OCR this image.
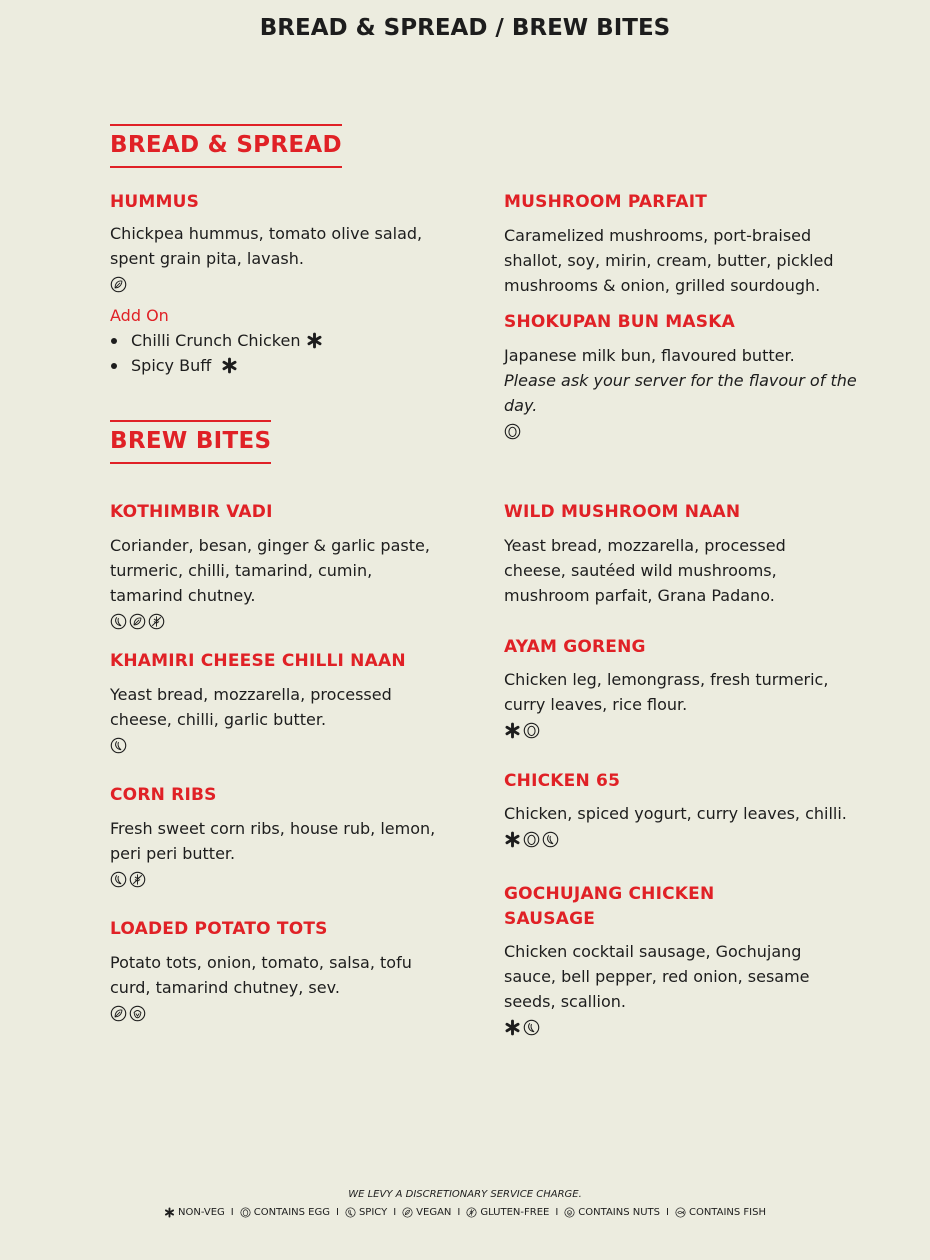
BREAD & SPREAD / BREW BITES
BREAD & SPREAD
HUMMUS
Chickpea hummus, tomato olive salad, spent grain pita, lavash.
Add On
Chilli Crunch Chicken
Spicy Buff
MUSHROOM PARFAIT
Caramelized mushrooms, port-braised shallot, soy, mirin, cream, butter, pickled mushrooms & onion, grilled sourdough.
SHOKUPAN BUN MASKA
Japanese milk bun, flavoured butter.
Please ask your server for the flavour of the day.
BREW BITES
KOTHIMBIR VADI
Coriander, besan, ginger & garlic paste, turmeric, chilli, tamarind, cumin, tamarind chutney.
KHAMIRI CHEESE CHILLI NAAN
Yeast bread, mozzarella, processed cheese, chilli, garlic butter.
CORN RIBS
Fresh sweet corn ribs, house rub, lemon, peri peri butter.
LOADED POTATO TOTS
Potato tots, onion, tomato, salsa, tofu curd, tamarind chutney, sev.
WILD MUSHROOM NAAN
Yeast bread, mozzarella, processed cheese, sautéed wild mushrooms, mushroom parfait, Grana Padano.
AYAM GORENG
Chicken leg, lemongrass, fresh turmeric, curry leaves, rice flour.
CHICKEN 65
Chicken, spiced yogurt, curry leaves, chilli.
GOCHUJANG CHICKEN SAUSAGE
Chicken cocktail sausage, Gochujang sauce, bell pepper, red onion, sesame seeds, scallion.
WE LEVY A DISCRETIONARY SERVICE CHARGE.
NON-VEG I CONTAINS EGG I SPICY I VEGAN I GLUTEN-FREE I CONTAINS NUTS I CONTAINS FISH
